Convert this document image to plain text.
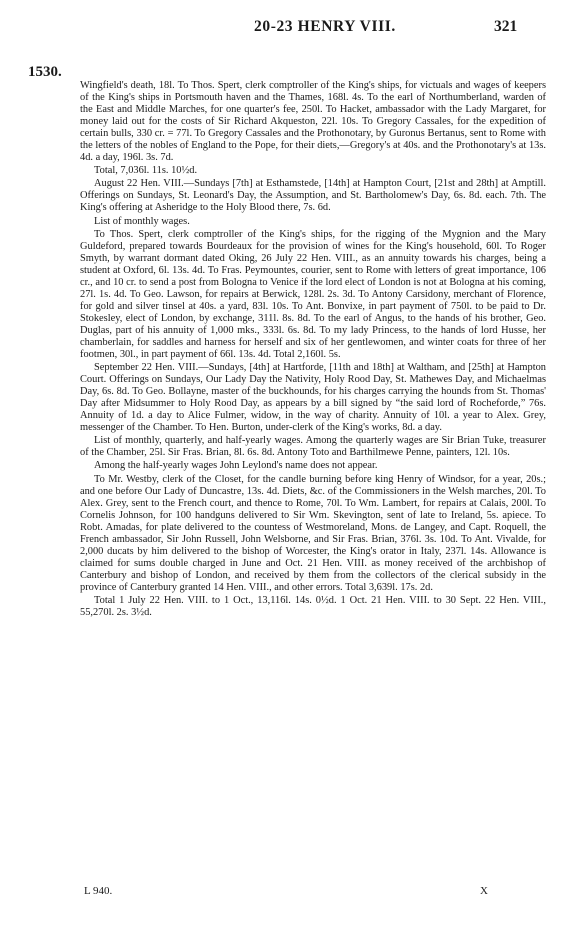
20-23 HENRY VIII.	321
1530.

Wingfield's death, 18l. To Thos. Spert, clerk comptroller of the King's ships, for victuals and wages of keepers of the King's ships in Portsmouth haven and the Thames, 168l. 4s. To the earl of Northumberland, warden of the East and Middle Marches, for one quarter's fee, 250l. To Hacket, ambassador with the Lady Margaret, for money laid out for the costs of Sir Richard Akqueston, 22l. 10s. To Gregory Cassales, for the expedition of certain bulls, 330 cr. = 77l. To Gregory Cassales and the Prothonotary, by Guronus Bertanus, sent to Rome with the letters of the nobles of England to the Pope, for their diets,—Gregory's at 40s. and the Prothonotary's at 13s. 4d. a day, 196l. 3s. 7d.

Total, 7,036l. 11s. 10½d.

August 22 Hen. VIII.—Sundays [7th] at Esthamstede, [14th] at Hampton Court, [21st and 28th] at Amptill. Offerings on Sundays, St. Leonard's Day, the Assumption, and St. Bartholomew's Day, 6s. 8d. each. 7th. The King's offering at Asheridge to the Holy Blood there, 7s. 6d.

List of monthly wages.

To Thos. Spert, clerk comptroller of the King's ships, for the rigging of the Mygnion and the Mary Guldeford, prepared towards Bourdeaux for the provision of wines for the King's household, 60l. To Roger Smyth, by warrant dormant dated Oking, 26 July 22 Hen. VIII., as an annuity towards his charges, being a student at Oxford, 6l. 13s. 4d. To Fras. Peymountes, courier, sent to Rome with letters of great importance, 106 cr., and 10 cr. to send a post from Bologna to Venice if the lord elect of London is not at Bologna at his coming, 27l. 1s. 4d. To Geo. Lawson, for repairs at Berwick, 128l. 2s. 3d. To Antony Carsidony, merchant of Florence, for gold and silver tinsel at 40s. a yard, 83l. 10s. To Ant. Bonvixe, in part payment of 750l. to be paid to Dr. Stokesley, elect of London, by exchange, 311l. 8s. 8d. To the earl of Angus, to the hands of his brother, Geo. Duglas, part of his annuity of 1,000 mks., 333l. 6s. 8d. To my lady Princess, to the hands of lord Husse, her chamberlain, for saddles and harness for herself and six of her gentlewomen, and winter coats for three of her footmen, 30l., in part payment of 66l. 13s. 4d. Total 2,160l. 5s.

September 22 Hen. VIII.—Sundays, [4th] at Hartforde, [11th and 18th] at Waltham, and [25th] at Hampton Court. Offerings on Sundays, Our Lady Day the Nativity, Holy Rood Day, St. Mathewes Day, and Michaelmas Day, 6s. 8d. To Geo. Bollayne, master of the buckhounds, for his charges carrying the hounds from St. Thomas' Day after Midsummer to Holy Rood Day, as appears by a bill signed by “the said lord of Rocheforde,” 76s. Annuity of 1d. a day to Alice Fulmer, widow, in the way of charity. Annuity of 10l. a year to Alex. Grey, messenger of the Chamber. To Hen. Burton, under-clerk of the King's works, 8d. a day.

List of monthly, quarterly, and half-yearly wages. Among the quarterly wages are Sir Brian Tuke, treasurer of the Chamber, 25l. Sir Fras. Brian, 8l. 6s. 8d. Antony Toto and Barthilmewe Penne, painters, 12l. 10s.

Among the half-yearly wages John Leylond's name does not appear.

To Mr. Westby, clerk of the Closet, for the candle burning before king Henry of Windsor, for a year, 20s.; and one before Our Lady of Duncastre, 13s. 4d. Diets, &c. of the Commissioners in the Welsh marches, 20l. To Alex. Grey, sent to the French court, and thence to Rome, 70l. To Wm. Lambert, for repairs at Calais, 200l. To Cornelis Johnson, for 100 handguns delivered to Sir Wm. Skevington, sent of late to Ireland, 5s. apiece. To Robt. Amadas, for plate delivered to the countess of Westmoreland, Mons. de Langey, and Capt. Roquell, the French ambassador, Sir John Russell, John Welsborne, and Sir Fras. Brian, 376l. 3s. 10d. To Ant. Vivalde, for 2,000 ducats by him delivered to the bishop of Worcester, the King's orator in Italy, 237l. 14s. Allowance is claimed for sums double charged in June and Oct. 21 Hen. VIII. as money received of the archbishop of Canterbury and bishop of London, and received by them from the collectors of the clerical subsidy in the province of Canterbury granted 14 Hen. VIII., and other errors. Total 3,639l. 17s. 2d.

Total 1 July 22 Hen. VIII. to 1 Oct., 13,116l. 14s. 0½d. 1 Oct. 21 Hen. VIII. to 30 Sept. 22 Hen. VIII., 55,270l. 2s. 3½d.

L 940.	X
